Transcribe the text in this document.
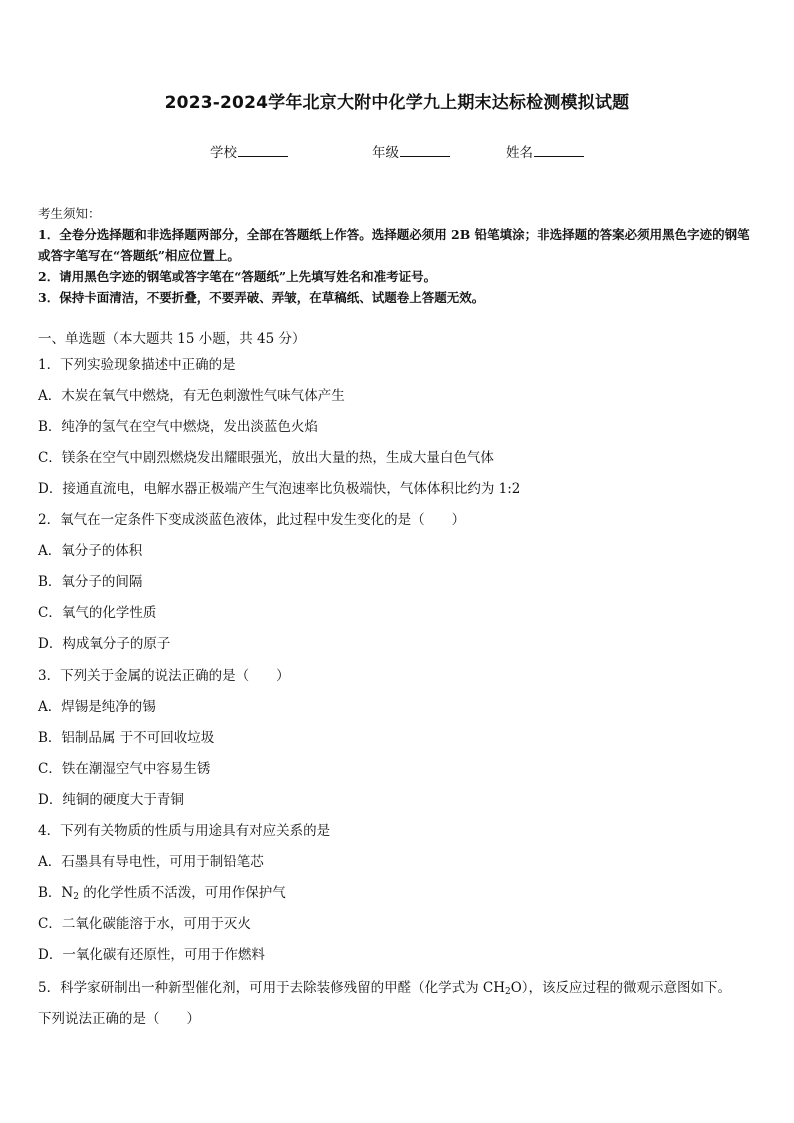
2023-2024学年北京大附中化学九上期末达标检测模拟试题
学校	年级	姓名
考生须知：
1．全卷分选择题和非选择题两部分，全部在答题纸上作答。选择题必须用 2B 铅笔填涂；非选择题的答案必须用黑色字迹的钢笔或答字笔写在“答题纸”相应位置上。
2．请用黑色字迹的钢笔或答字笔在“答题纸”上先填写姓名和准考证号。
3．保持卡面清洁，不要折叠，不要弄破、弄皱，在草稿纸、试题卷上答题无效。
一、单选题（本大题共 15 小题，共 45 分）
1．下列实验现象描述中正确的是
A．木炭在氧气中燃烧，有无色刺激性气味气体产生
B．纯净的氢气在空气中燃烧，发出淡蓝色火焰
C．镁条在空气中剧烈燃烧发出耀眼强光，放出大量的热，生成大量白色气体
D．接通直流电，电解水器正极端产生气泡速率比负极端快，气体体积比约为 1:2
2．氧气在一定条件下变成淡蓝色液体，此过程中发生变化的是（　　）
A．氧分子的体积
B．氧分子的间隔
C．氧气的化学性质
D．构成氧分子的原子
3．下列关于金属的说法正确的是（　　）
A．焊锡是纯净的锡
B．铝制品属 于不可回收垃圾
C．铁在潮湿空气中容易生锈
D．纯铜的硬度大于青铜
4．下列有关物质的性质与用途具有对应关系的是
A．石墨具有导电性，可用于制铅笔芯
B．$N_2$ 的化学性质不活泼，可用作保护气
C．二氧化碳能溶于水，可用于灭火
D．一氧化碳有还原性，可用于作燃料
5．科学家研制出一种新型催化剂，可用于去除装修残留的甲醛（化学式为 $CH_2O$），该反应过程的微观示意图如下。
下列说法正确的是（　　）
